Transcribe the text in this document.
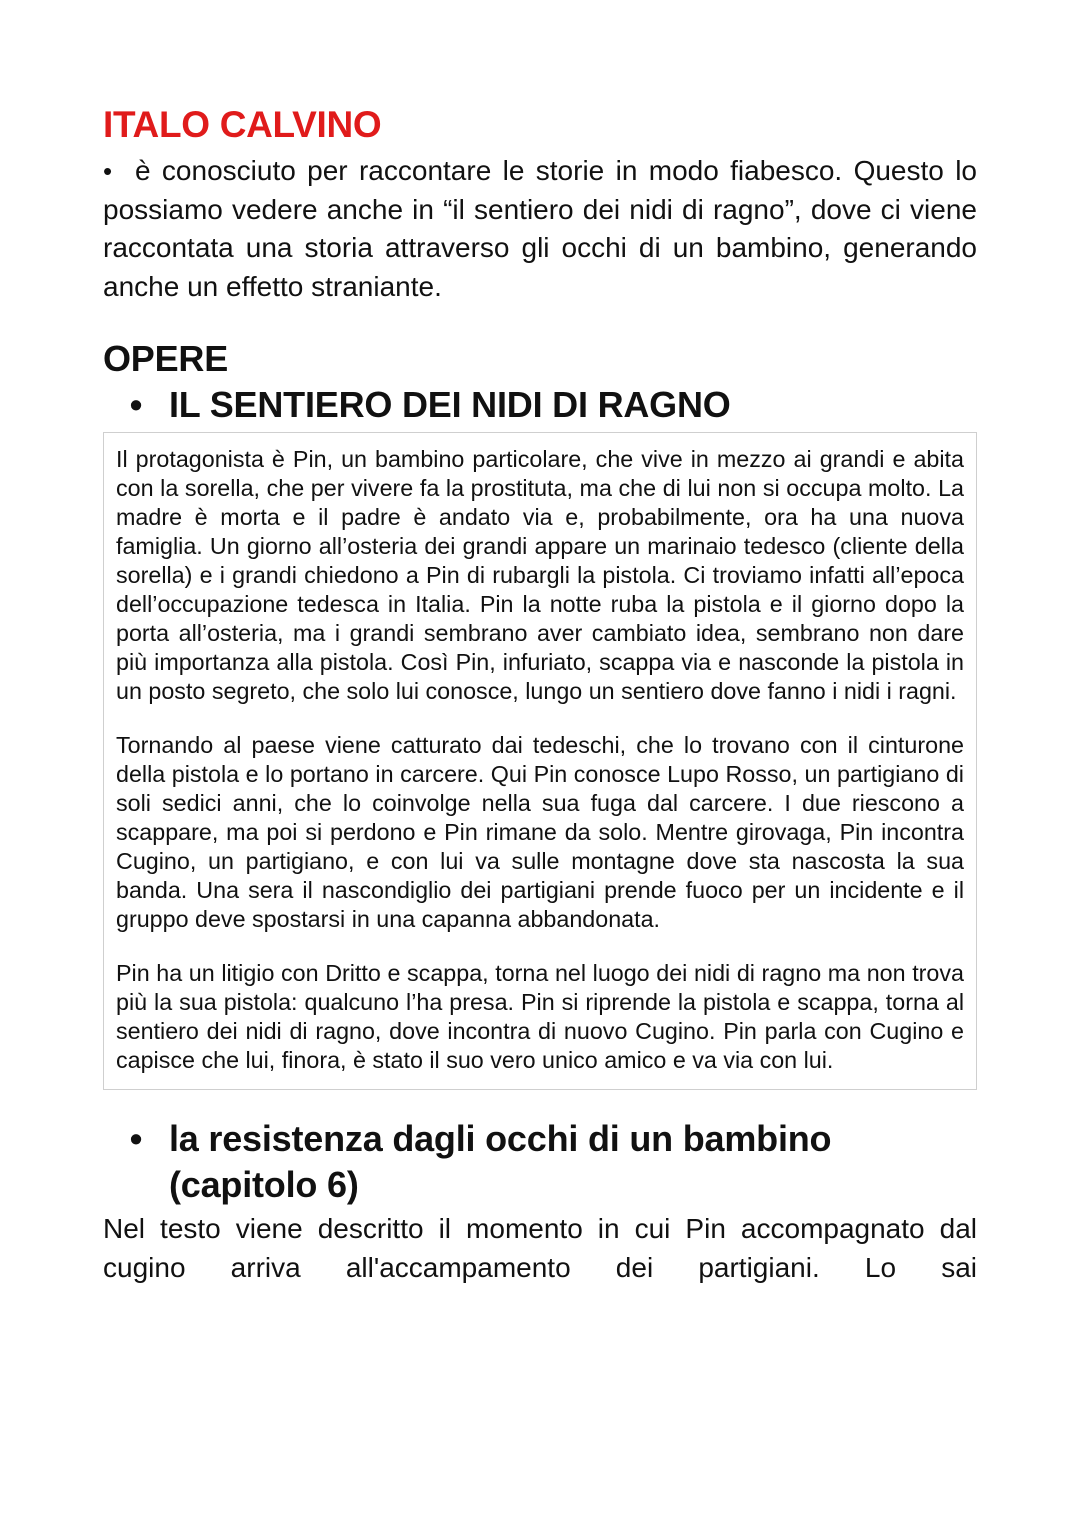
ITALO CALVINO

• è conosciuto per raccontare le storie in modo fiabesco. Questo lo possiamo vedere anche in “il sentiero dei nidi di ragno”, dove ci viene raccontata una storia attraverso gli occhi di un bambino, generando anche un effetto straniante.

OPERE
• IL SENTIERO DEI NIDI DI RAGNO

Il protagonista è Pin, un bambino particolare, che vive in mezzo ai grandi e abita con la sorella, che per vivere fa la prostituta, ma che di lui non si occupa molto. La madre è morta e il padre è andato via e, probabilmente, ora ha una nuova famiglia. Un giorno all’osteria dei grandi appare un marinaio tedesco (cliente della sorella) e i grandi chiedono a Pin di rubargli la pistola. Ci troviamo infatti all’epoca dell’occupazione tedesca in Italia. Pin la notte ruba la pistola e il giorno dopo la porta all’osteria, ma i grandi sembrano aver cambiato idea, sembrano non dare più importanza alla pistola. Così Pin, infuriato, scappa via e nasconde la pistola in un posto segreto, che solo lui conosce, lungo un sentiero dove fanno i nidi i ragni.

Tornando al paese viene catturato dai tedeschi, che lo trovano con il cinturone della pistola e lo portano in carcere. Qui Pin conosce Lupo Rosso, un partigiano di soli sedici anni, che lo coinvolge nella sua fuga dal carcere. I due riescono a scappare, ma poi si perdono e Pin rimane da solo. Mentre girovaga, Pin incontra Cugino, un partigiano, e con lui va sulle montagne dove sta nascosta la sua banda. Una sera il nascondiglio dei partigiani prende fuoco per un incidente e il gruppo deve spostarsi in una capanna abbandonata.

Pin ha un litigio con Dritto e scappa, torna nel luogo dei nidi di ragno ma non trova più la sua pistola: qualcuno l’ha presa. Pin si riprende la pistola e scappa, torna al sentiero dei nidi di ragno, dove incontra di nuovo Cugino. Pin parla con Cugino e capisce che lui, finora, è stato il suo vero unico amico e va via con lui.

• la resistenza dagli occhi di un bambino (capitolo 6)

Nel testo viene descritto il momento in cui Pin accompagnato dal cugino arriva all'accampamento dei partigiani. Lo sai
